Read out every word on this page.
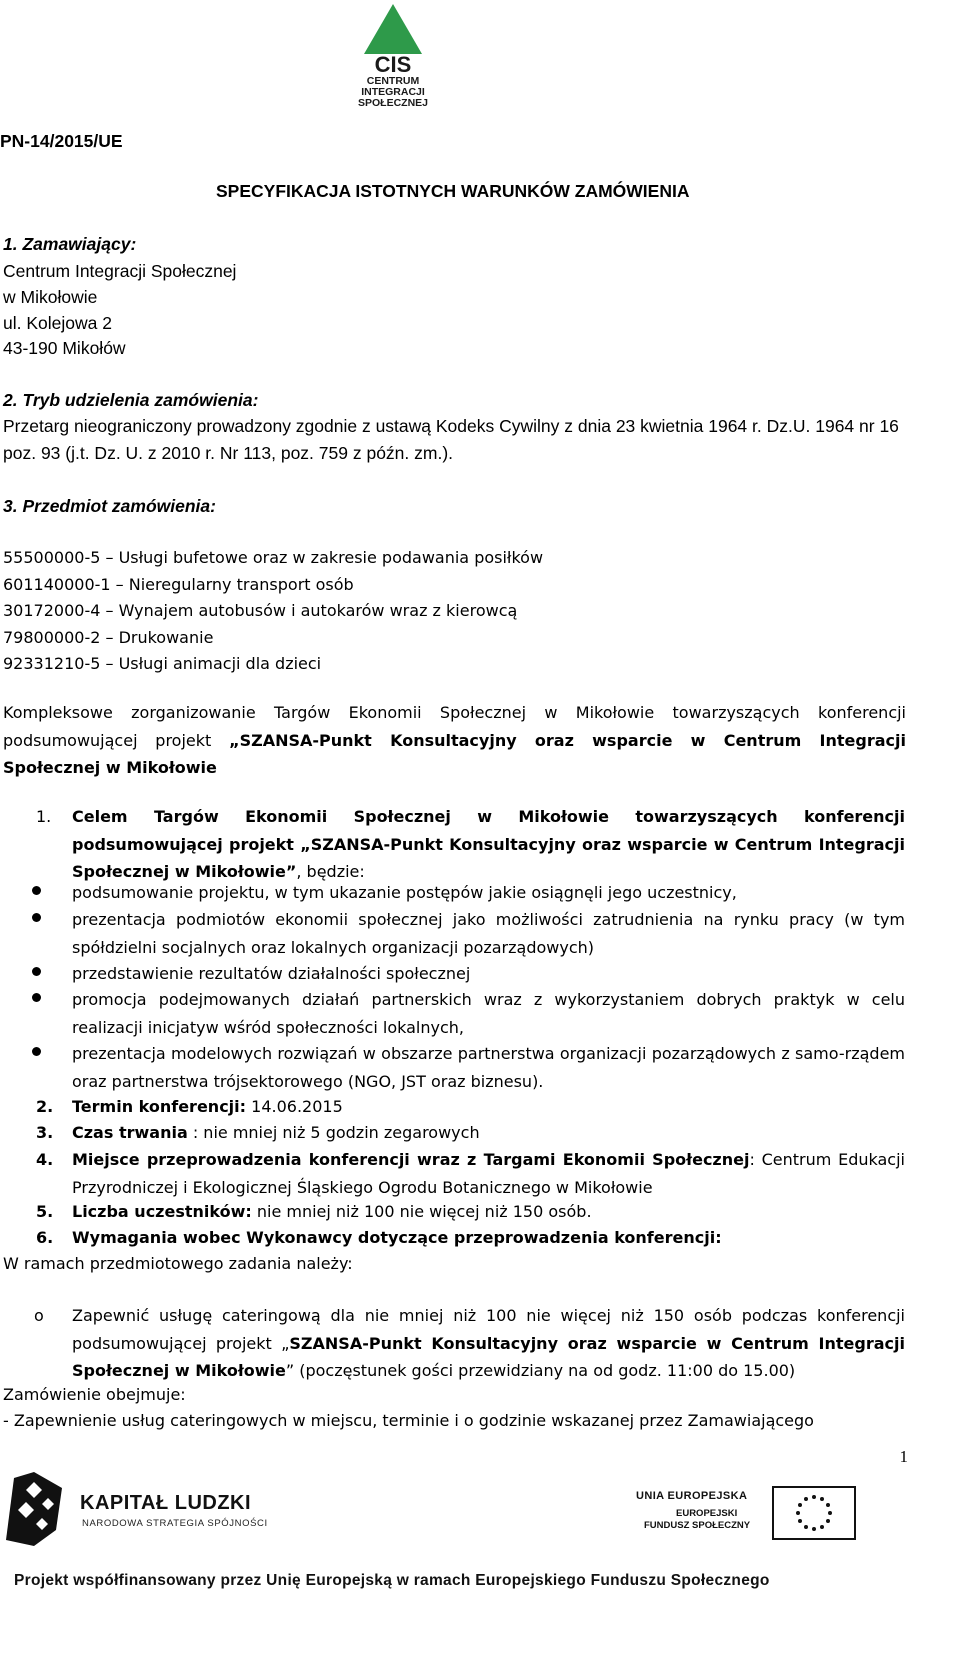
CIS
CENTRUM
INTEGRACJI
SPOŁECZNEJ
PN-14/2015/UE
SPECYFIKACJA ISTOTNYCH WARUNKÓW ZAMÓWIENIA
1. Zamawiający:
Centrum Integracji Społecznej
w Mikołowie
ul. Kolejowa 2
43-190 Mikołów
2. Tryb udzielenia zamówienia:
Przetarg nieograniczony prowadzony zgodnie z ustawą Kodeks Cywilny z dnia 23 kwietnia 1964 r. Dz.U. 1964 nr 16 poz. 93 (j.t. Dz. U. z 2010 r. Nr 113, poz. 759 z późn. zm.).
3. Przedmiot zamówienia:
55500000-5 – Usługi bufetowe oraz w zakresie podawania posiłków
601140000-1 – Nieregularny transport osób
30172000-4 – Wynajem autobusów i autokarów wraz z kierowcą
79800000-2 – Drukowanie
92331210-5 – Usługi animacji dla dzieci
Kompleksowe zorganizowanie Targów Ekonomii Społecznej w Mikołowie towarzyszących konferencji podsumowującej projekt „SZANSA-Punkt Konsultacyjny oraz wsparcie w Centrum Integracji Społecznej w Mikołowie
1. Celem Targów Ekonomii Społecznej w Mikołowie towarzyszących konferencji podsumowującej projekt „SZANSA-Punkt Konsultacyjny oraz wsparcie w Centrum Integracji Społecznej w Mikołowie”, będzie:
podsumowanie projektu, w tym ukazanie postępów jakie osiągnęli jego uczestnicy,
prezentacja podmiotów ekonomii społecznej jako możliwości zatrudnienia na rynku pracy (w tym spółdzielni socjalnych oraz lokalnych organizacji pozarządowych)
przedstawienie rezultatów działalności społecznej
promocja podejmowanych działań partnerskich wraz z wykorzystaniem dobrych praktyk w celu realizacji inicjatyw wśród społeczności lokalnych,
prezentacja modelowych rozwiązań w obszarze partnerstwa organizacji pozarządowych z samo-rządem oraz partnerstwa trójsektorowego (NGO, JST oraz biznesu).
2. Termin konferencji: 14.06.2015
3. Czas trwania : nie mniej niż 5 godzin zegarowych
4. Miejsce przeprowadzenia konferencji wraz z Targami Ekonomii Społecznej: Centrum Edukacji Przyrodniczej i Ekologicznej Śląskiego Ogrodu Botanicznego w Mikołowie
5. Liczba uczestników: nie mniej niż 100 nie więcej niż 150 osób.
6. Wymagania wobec Wykonawcy dotyczące przeprowadzenia konferencji:
W ramach przedmiotowego zadania należy:
o Zapewnić usługę cateringową dla nie mniej niż 100 nie więcej niż 150 osób podczas konferencji podsumowującej projekt „SZANSA-Punkt Konsultacyjny oraz wsparcie w Centrum Integracji Społecznej w Mikołowie” (poczęstunek gości przewidziany na od godz. 11:00 do 15.00)
Zamówienie obejmuje:
- Zapewnienie usług cateringowych w miejscu, terminie i o godzinie wskazanej przez Zamawiającego
1
KAPITAŁ LUDZKI
NARODOWA STRATEGIA SPÓJNOŚCI
UNIA EUROPEJSKA
EUROPEJSKI
FUNDUSZ SPOŁECZNY
Projekt współfinansowany przez Unię Europejską w ramach Europejskiego Funduszu Społecznego
